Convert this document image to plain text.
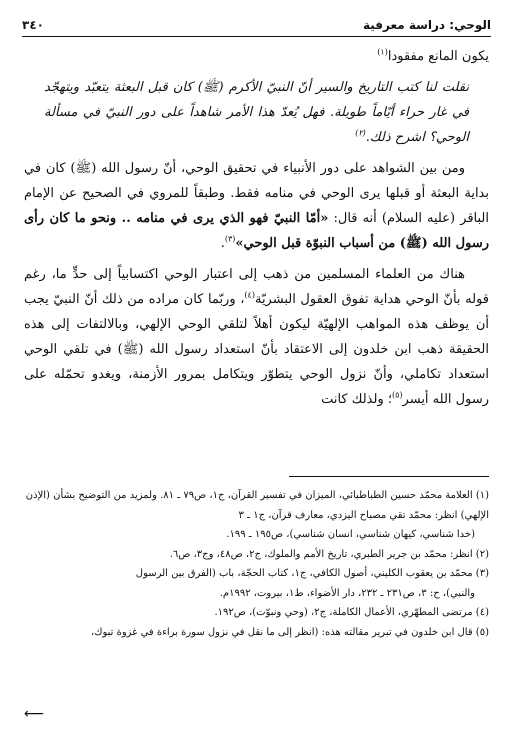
الوحي: دراسة معرفية
٣٤٠

يكون المانع مفقودا$^{(١)}$

نقلت لنا كتب التاريخ والسير أنّ النبيّ الأكرم (ﷺ) كان قبل البعثة يتعبّد ويتهجّد في غار حراء أيّاماً طويلة. فهل يُعدّ هذا الأمر شاهداً على دور النبيّ في مسألة الوحي؟ اشرح ذلك.$^{(٢)}$

ومن بين الشواهد على دور الأنبياء في تحقيق الوحي، أنّ رسول الله (ﷺ) كان في بداية البعثة أو قبلها يرى الوحي في منامه فقط. وطبقاً للمروي في الصحيح عن الإمام الباقر (عليه السلام) أنه قال: «أمّا النبيّ فهو الذي يرى في منامه .. ونحو ما كان رأى رسول الله (ﷺ) من أسباب النبوّة قبل الوحي»$^{(٣)}$.

هناك من العلماء المسلمين من ذهب إلى اعتبار الوحي اكتسابياً إلى حدٍّ ما، رغم قوله بأنّ الوحي هداية تفوق العقول البشريّة$^{(٤)}$، وربّما كان مراده من ذلك أنّ النبيّ يجب أن يوظف هذه المواهب الإلهيّة ليكون أهلاً لتلقي الوحي الإلهي، وبالالتفات إلى هذه الحقيقة ذهب ابن خلدون إلى الاعتقاد بأنّ استعداد رسول الله (ﷺ) في تلقي الوحي استعداد تكاملي، وأنّ نزول الوحي يتطوّر ويتكامل بمرور الأزمنة، ويغدو تحمّله على رسول الله أيسر$^{(٥)}$؛ ولذلك كانت

(١) العلامة محمّد حسين الطباطبائي، الميزان في تفسير القرآن، ج١، ص٧٩ ـ ٨١. ولمزيد من التوضيح بشأن (الإذن الإلهي) انظر: محمّد تقي مصباح اليزدي، معارف قرآن، ج١ ـ ٣

(خدا شناسي، كيهان شناسي، انسان شناسي)، ص١٩٥ ـ ١٩٩.

(٢) انظر: محمّد بن جرير الطبري، تاريخ الأمم والملوك، ج٢، ص٤٨، وج٣، ص٦.

(٣) محمّد بن يعقوب الكليني، أصول الكافي، ج١، كتاب الحجّة، باب (الفرق بين الرسول

والنبي)، ح: ٣، ص٢٣١ ـ ٢٣٢، دار الأضواء، ط١، بيروت، ١٩٩٢م.

(٤) مرتضى المطهّري، الأعمال الكاملة، ج٢، (وحي ونبوّت)، ص١٩٢.

(٥) قال ابن خلدون في تبرير مقالته هذه: (انظر إلى ما نقل في نزول سورة براءة في غزوة تبوك،

⟵
